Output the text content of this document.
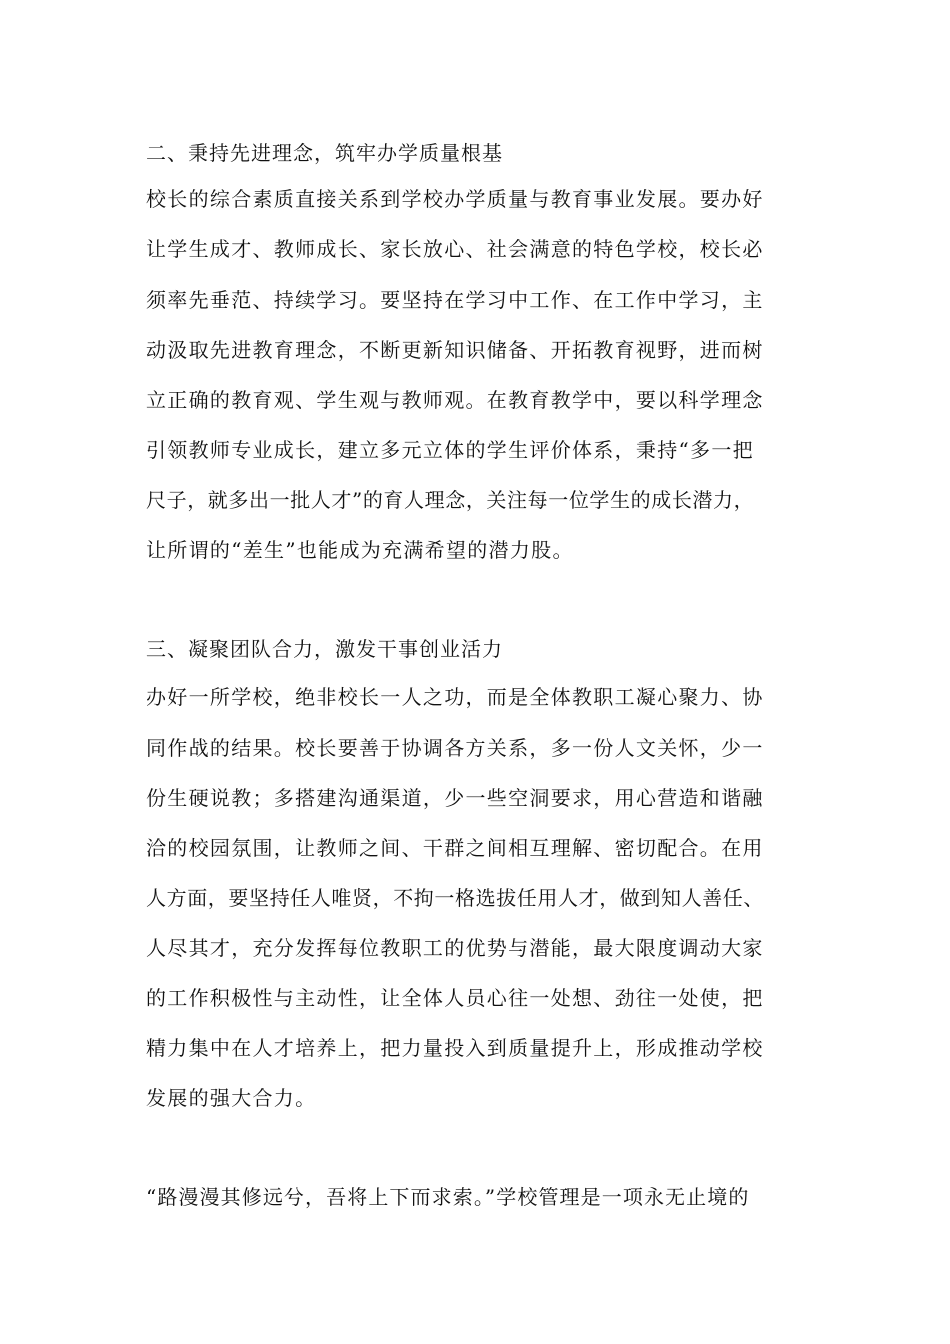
二、秉持先进理念，筑牢办学质量根基
校长的综合素质直接关系到学校办学质量与教育事业发展。要办好
让学生成才、教师成长、家长放心、社会满意的特色学校，校长必
须率先垂范、持续学习。要坚持在学习中工作、在工作中学习，主
动汲取先进教育理念，不断更新知识储备、开拓教育视野，进而树
立正确的教育观、学生观与教师观。在教育教学中，要以科学理念
引领教师专业成长，建立多元立体的学生评价体系，秉持“多一把
尺子，就多出一批人才”的育人理念，关注每一位学生的成长潜力，
让所谓的“差生”也能成为充满希望的潜力股。
三、凝聚团队合力，激发干事创业活力
办好一所学校，绝非校长一人之功，而是全体教职工凝心聚力、协
同作战的结果。校长要善于协调各方关系，多一份人文关怀，少一
份生硬说教；多搭建沟通渠道，少一些空洞要求，用心营造和谐融
洽的校园氛围，让教师之间、干群之间相互理解、密切配合。在用
人方面，要坚持任人唯贤，不拘一格选拔任用人才，做到知人善任、
人尽其才，充分发挥每位教职工的优势与潜能，最大限度调动大家
的工作积极性与主动性，让全体人员心往一处想、劲往一处使，把
精力集中在人才培养上，把力量投入到质量提升上，形成推动学校
发展的强大合力。
“路漫漫其修远兮，吾将上下而求索。”学校管理是一项永无止境的
